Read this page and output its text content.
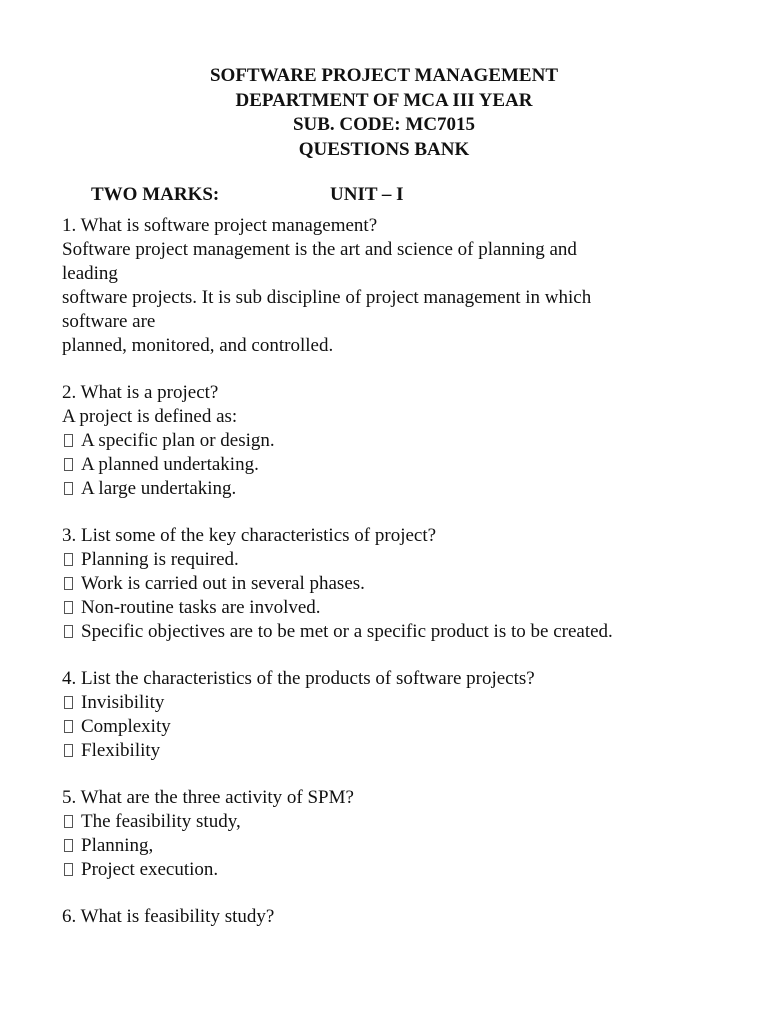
SOFTWARE PROJECT MANAGEMENT
DEPARTMENT OF MCA III YEAR
SUB. CODE: MC7015
QUESTIONS BANK
TWO MARKS:	UNIT – I
1. What is software project management?
Software project management is the art and science of planning and
leading
software projects. It is sub discipline of project management in which
software are
planned, monitored, and controlled.
2. What is a project?
A project is defined as:
A specific plan or design.
A planned undertaking.
A large undertaking.
3. List some of the key characteristics of project?
Planning is required.
Work is carried out in several phases.
Non-routine tasks are involved.
Specific objectives are to be met or a specific product is to be created.
4. List the characteristics of the products of software projects?
Invisibility
Complexity
Flexibility
5. What are the three activity of SPM?
The feasibility study,
Planning,
Project execution.
6. What is feasibility study?
